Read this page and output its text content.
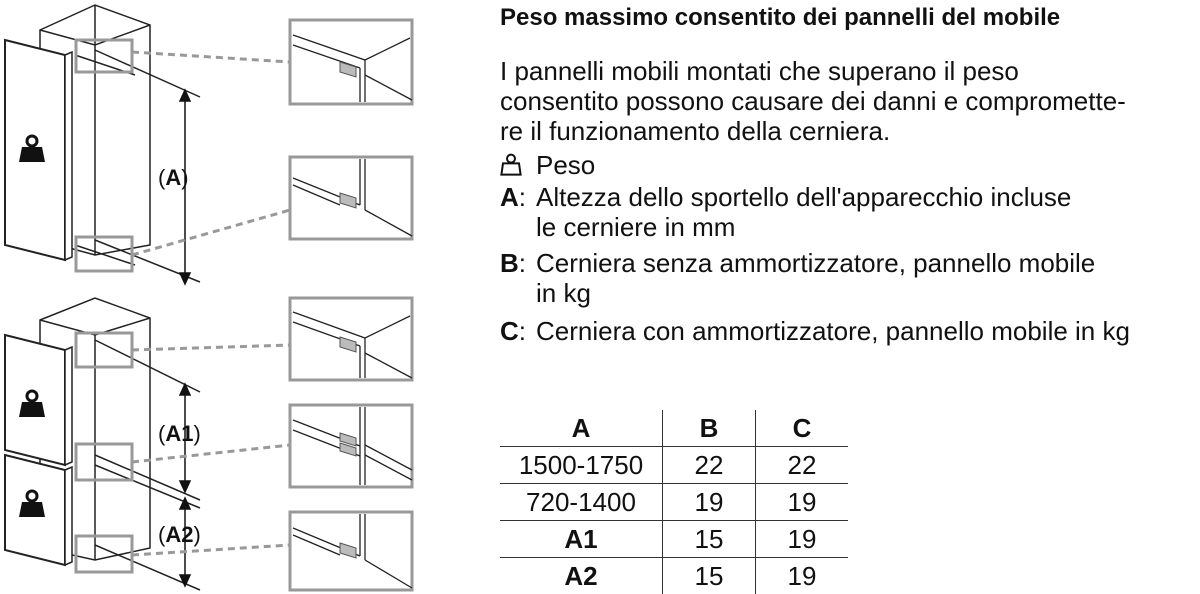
(A)
(A1)
(A2)
Peso massimo consentito dei pannelli del mobile

I pannelli mobili montati che superano il peso
consentito possono causare dei danni e compromette-
re il funzionamento della cerniera.

Peso
A: Altezza dello sportello dell'apparecchio incluse
le cerniere in mm
B: Cerniera senza ammortizzatore, pannello mobile
in kg
C: Cerniera con ammortizzatore, pannello mobile in kg
A	B	C
1500-1750	22	22
720-1400	19	19
A1	15	19
A2	15	19
